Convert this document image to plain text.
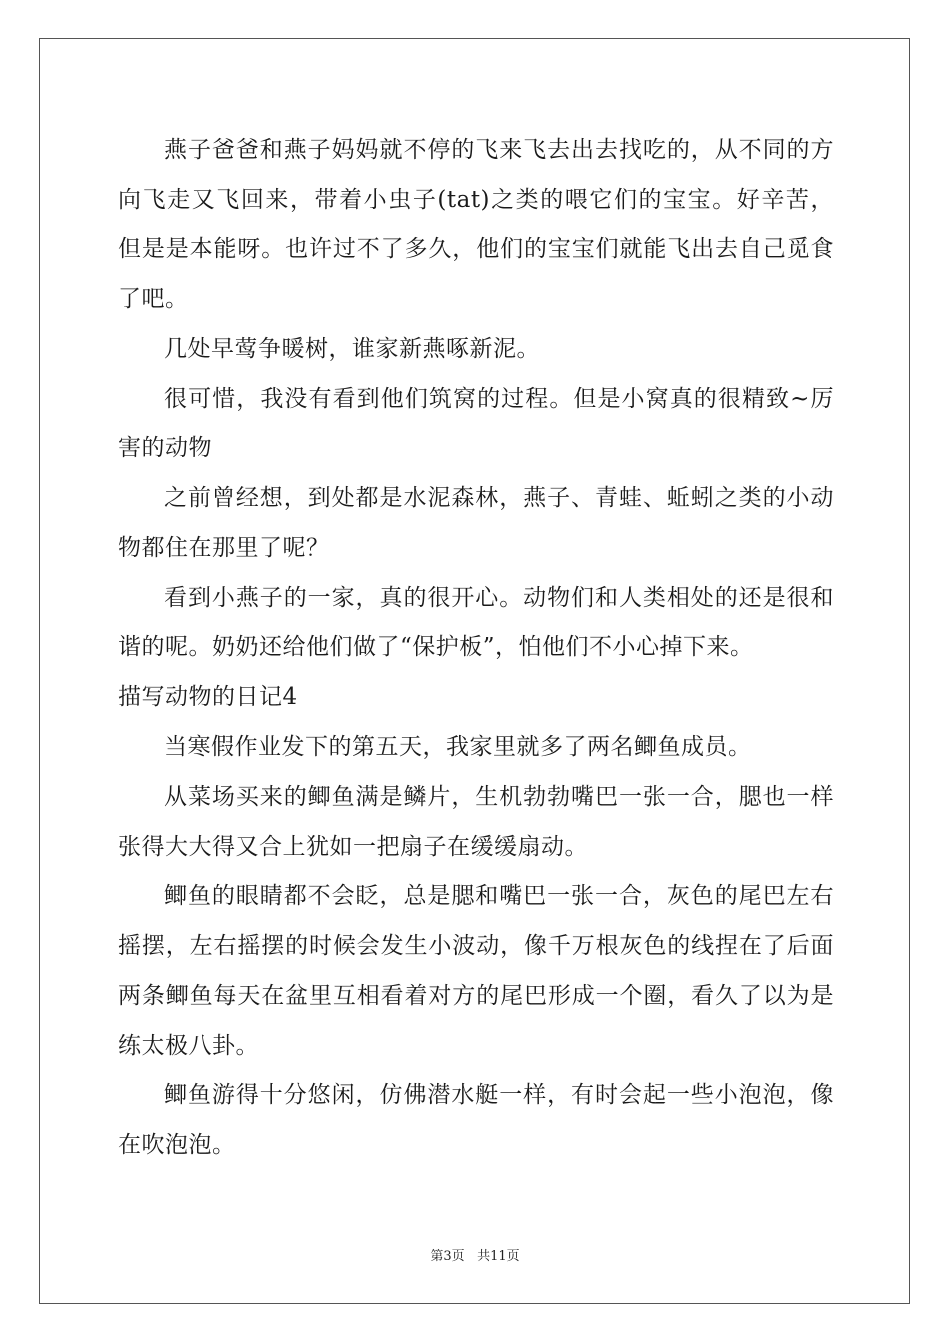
燕子爸爸和燕子妈妈就不停的飞来飞去出去找吃的，从不同的方
向飞走又飞回来，带着小虫子(tat)之类的喂它们的宝宝。好辛苦，
但是是本能呀。也许过不了多久，他们的宝宝们就能飞出去自己觅食
了吧。
几处早莺争暖树，谁家新燕啄新泥。
很可惜，我没有看到他们筑窝的过程。但是小窝真的很精致~厉
害的动物
之前曾经想，到处都是水泥森林，燕子、青蛙、蚯蚓之类的小动
物都住在那里了呢？
看到小燕子的一家，真的很开心。动物们和人类相处的还是很和
谐的呢。奶奶还给他们做了“保护板”，怕他们不小心掉下来。
描写动物的日记4
当寒假作业发下的第五天，我家里就多了两名鲫鱼成员。
从菜场买来的鲫鱼满是鳞片，生机勃勃嘴巴一张一合，腮也一样
张得大大得又合上犹如一把扇子在缓缓扇动。
鲫鱼的眼睛都不会眨，总是腮和嘴巴一张一合，灰色的尾巴左右
摇摆，左右摇摆的时候会发生小波动，像千万根灰色的线捏在了后面
两条鲫鱼每天在盆里互相看着对方的尾巴形成一个圈，看久了以为是
练太极八卦。
鲫鱼游得十分悠闲，仿佛潜水艇一样，有时会起一些小泡泡，像
在吹泡泡。
第3页 共11页
